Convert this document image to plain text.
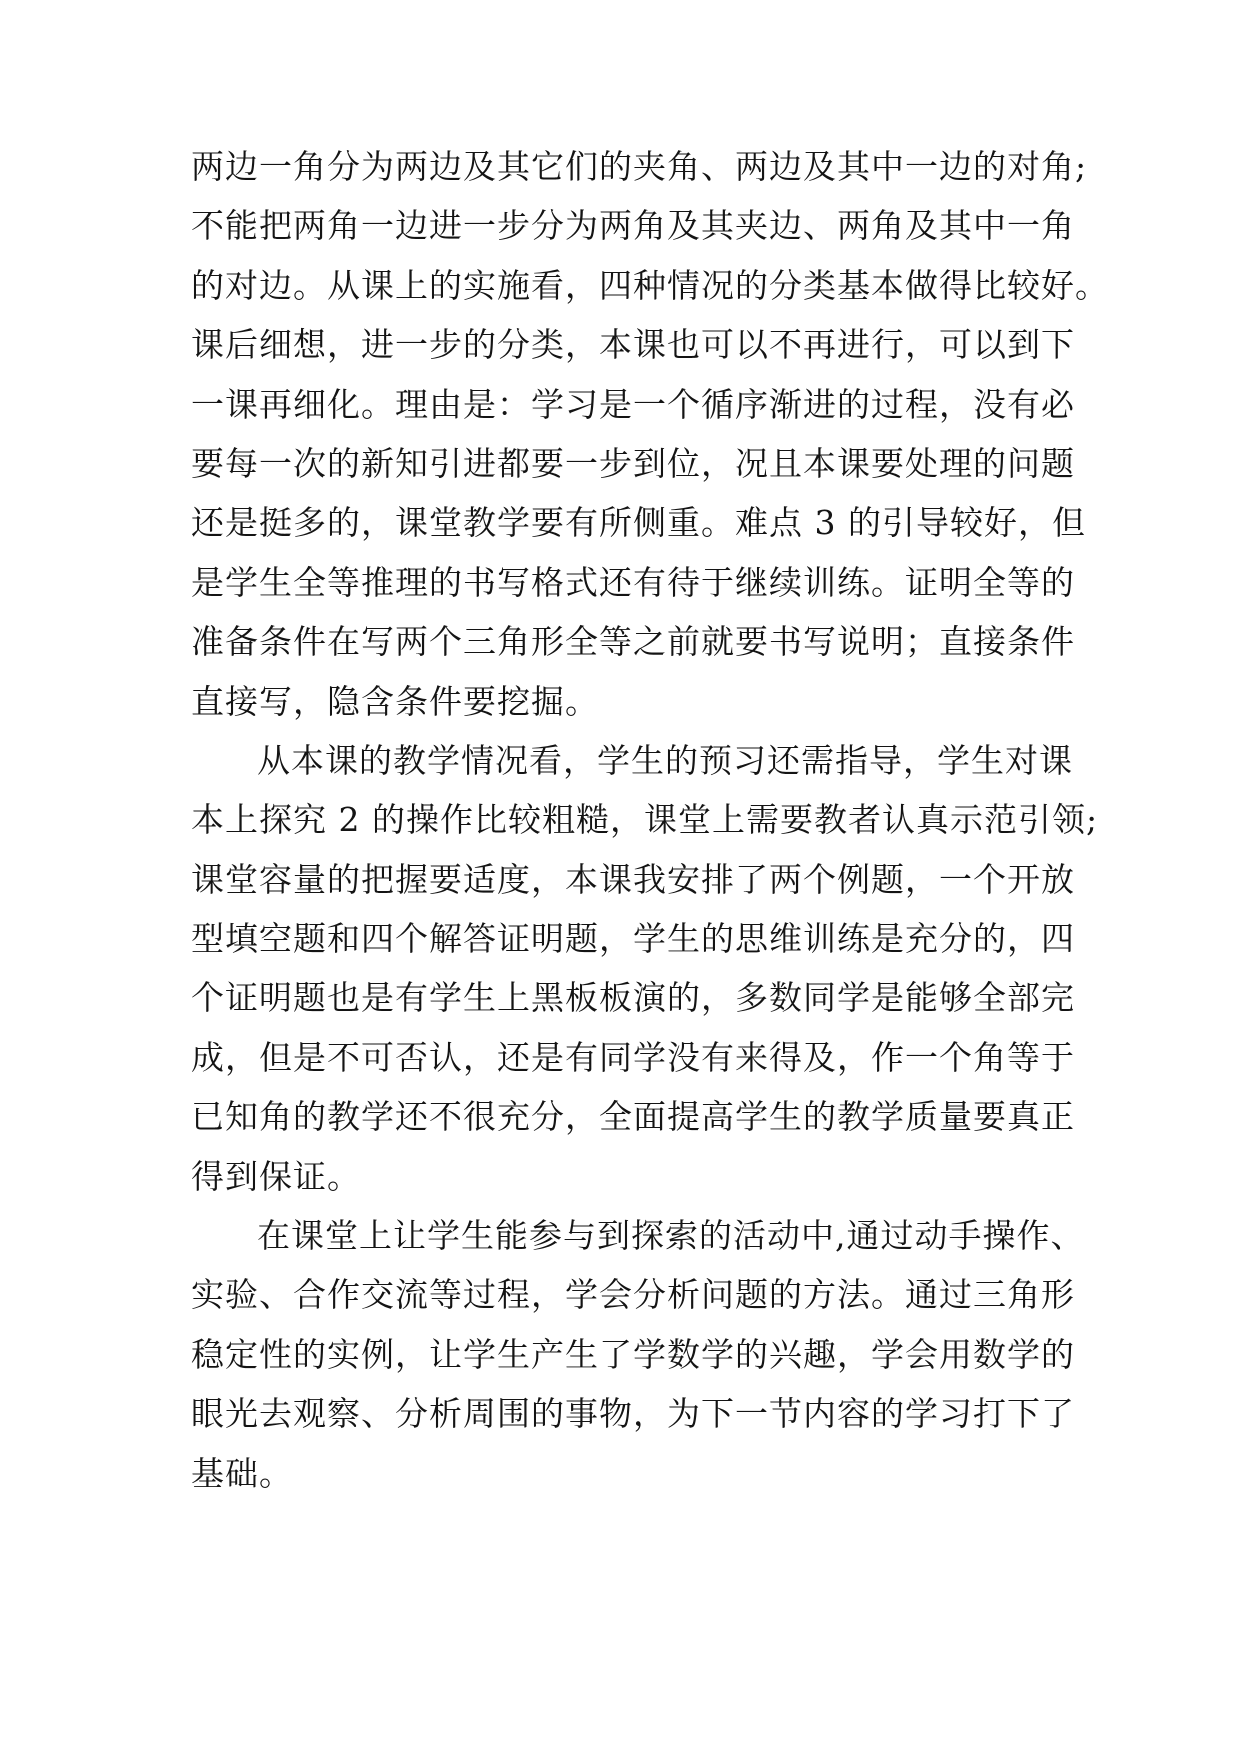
两边一角分为两边及其它们的夹角、两边及其中一边的对角;
不能把两角一边进一步分为两角及其夹边、两角及其中一角
的对边。从课上的实施看，四种情况的分类基本做得比较好。
课后细想，进一步的分类，本课也可以不再进行，可以到下
一课再细化。理由是：学习是一个循序渐进的过程，没有必
要每一次的新知引进都要一步到位，况且本课要处理的问题
还是挺多的，课堂教学要有所侧重。难点 3 的引导较好，但
是学生全等推理的书写格式还有待于继续训练。证明全等的
准备条件在写两个三角形全等之前就要书写说明；直接条件
直接写，隐含条件要挖掘。
从本课的教学情况看，学生的预习还需指导，学生对课
本上探究 2 的操作比较粗糙，课堂上需要教者认真示范引领;
课堂容量的把握要适度，本课我安排了两个例题，一个开放
型填空题和四个解答证明题，学生的思维训练是充分的，四
个证明题也是有学生上黑板板演的，多数同学是能够全部完
成，但是不可否认，还是有同学没有来得及，作一个角等于
已知角的教学还不很充分，全面提高学生的教学质量要真正
得到保证。
在课堂上让学生能参与到探索的活动中,通过动手操作、
实验、合作交流等过程，学会分析问题的方法。通过三角形
稳定性的实例，让学生产生了学数学的兴趣，学会用数学的
眼光去观察、分析周围的事物，为下一节内容的学习打下了
基础。
